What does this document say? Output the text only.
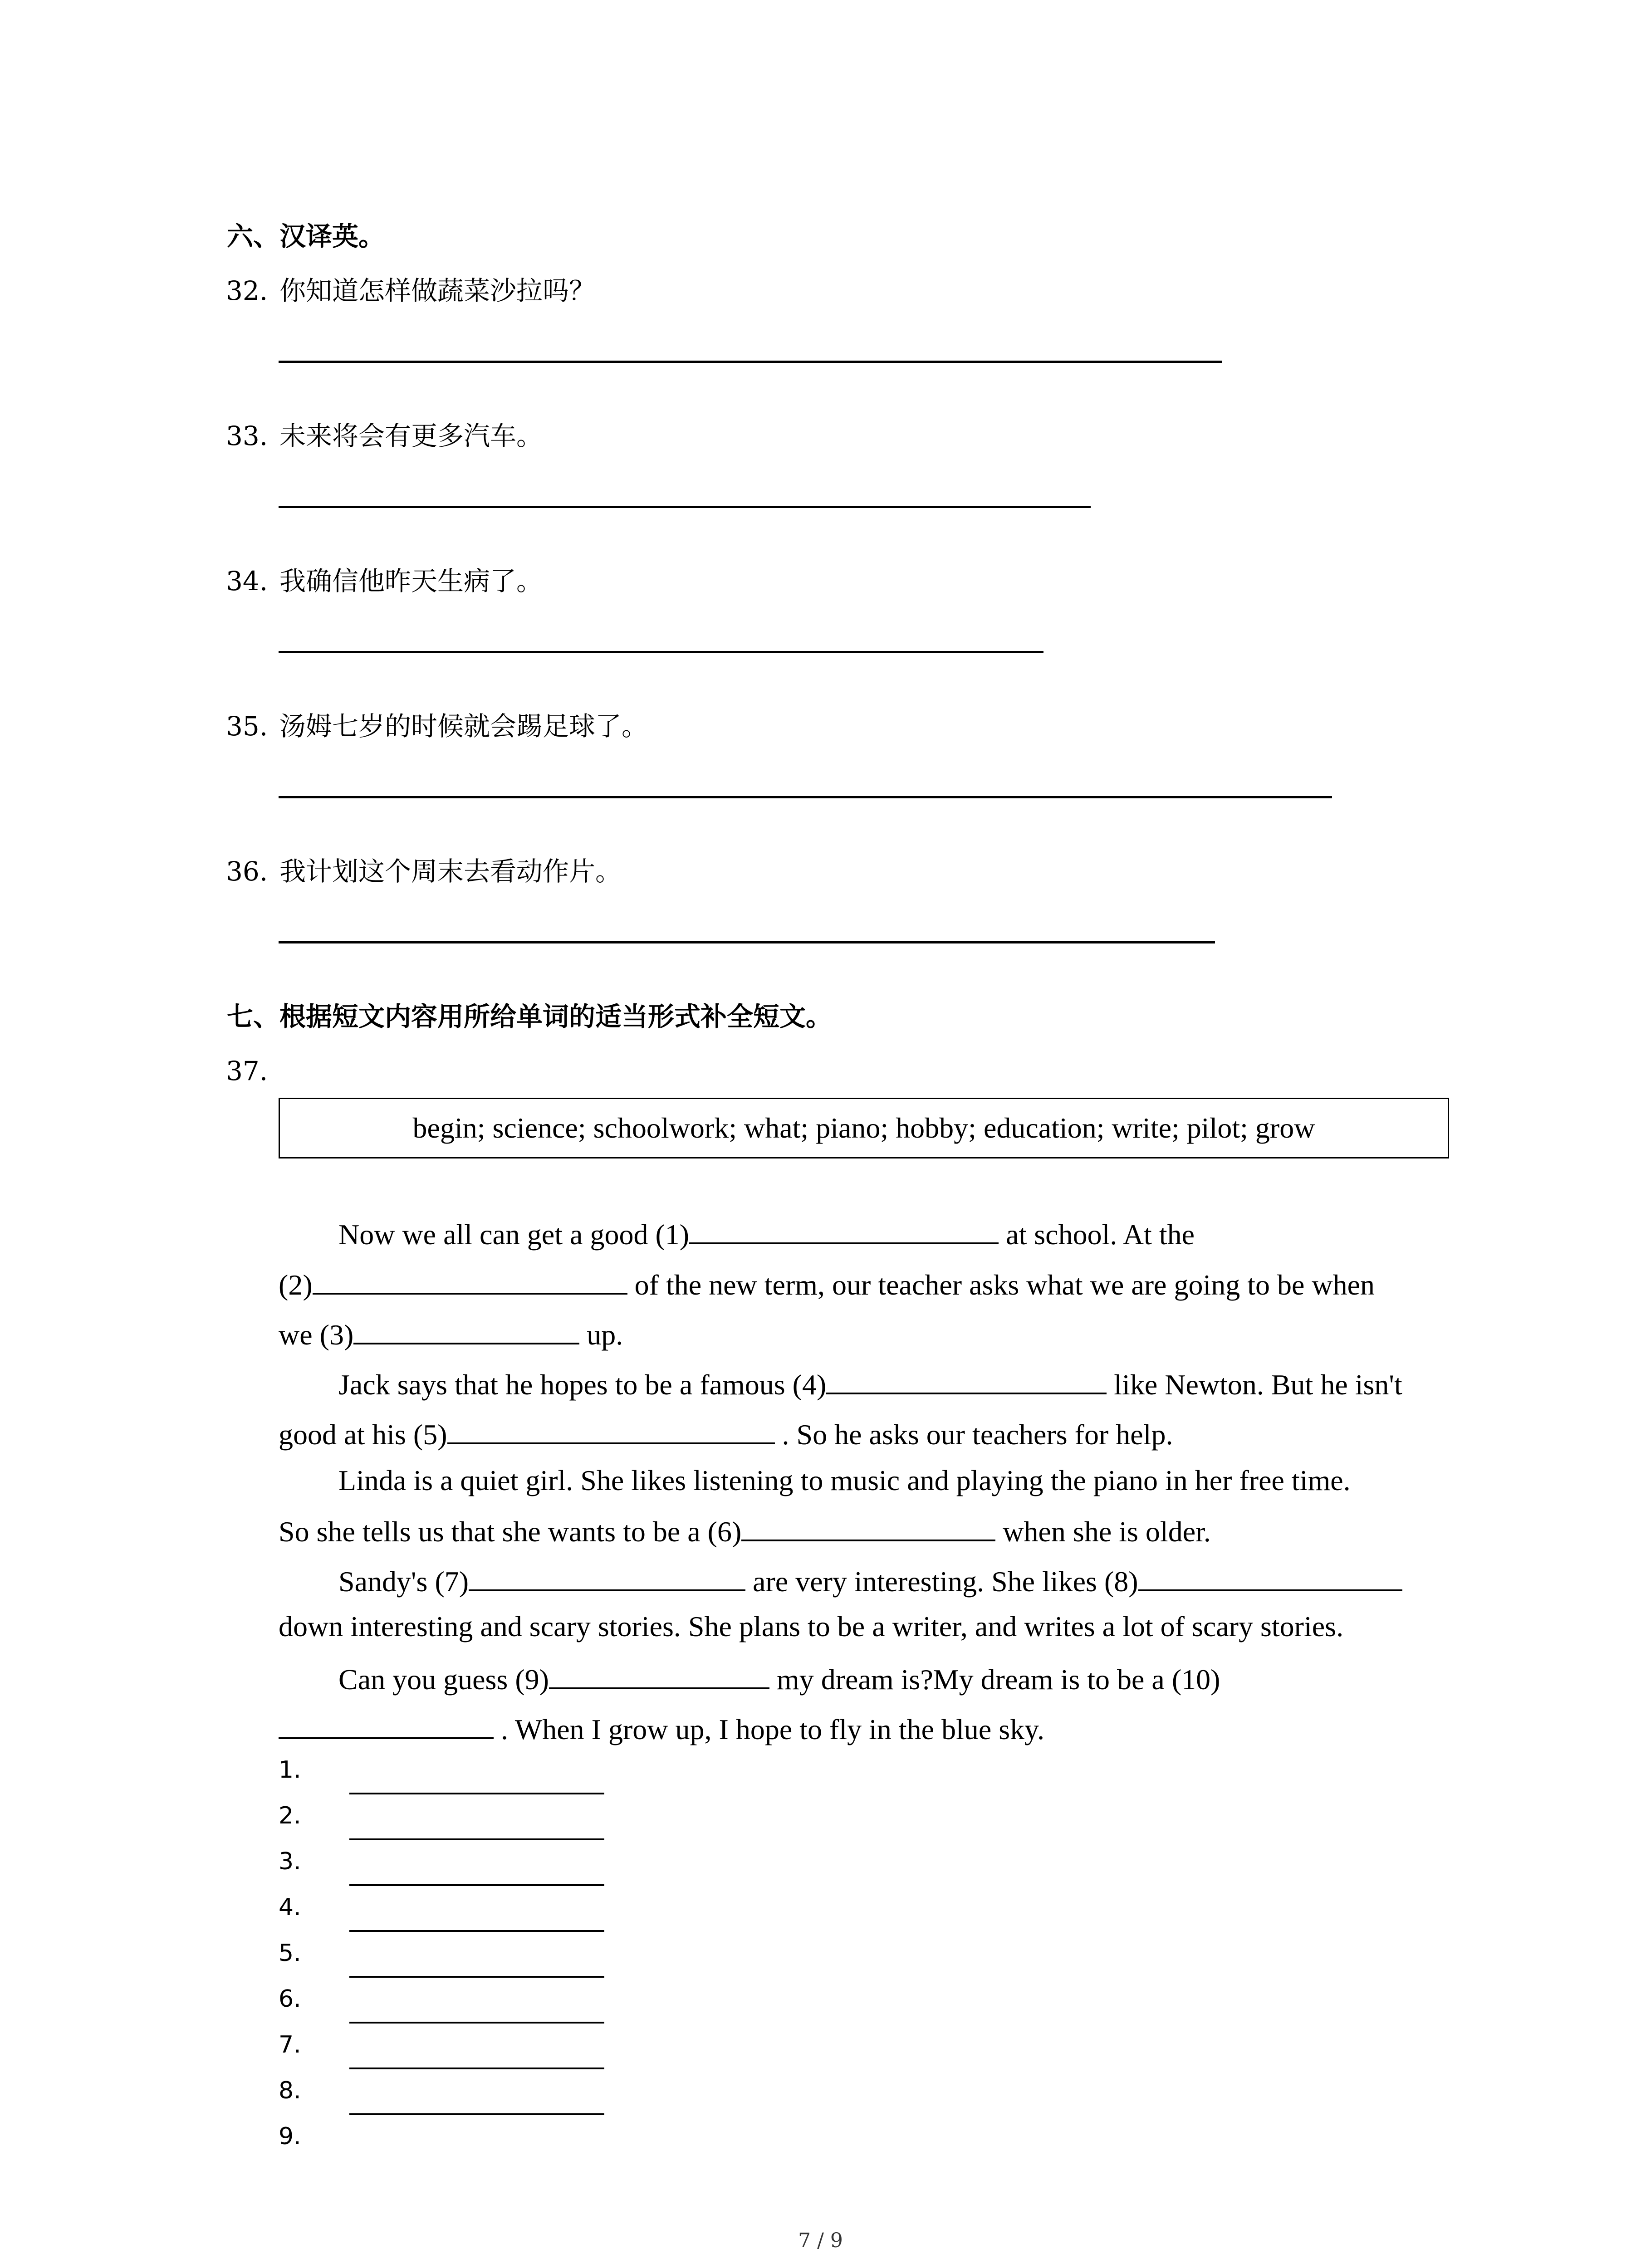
六、汉译英。
32. 你知道怎样做蔬菜沙拉吗？
33. 未来将会有更多汽车。
34. 我确信他昨天生病了。
35. 汤姆七岁的时候就会踢足球了。
36. 我计划这个周末去看动作片。
七、根据短文内容用所给单词的适当形式补全短文。
37.
begin; science; schoolwork; what; piano; hobby; education; write; pilot; grow
Now we all can get a good (1)	at school. At the
(2)	of the new term, our teacher asks what we are going to be when
we (3)	up.
Jack says that he hopes to be a famous (4)	like Newton. But he isn't
good at his (5)	. So he asks our teachers for help.
Linda is a quiet girl. She likes listening to music and playing the piano in her free time.
So she tells us that she wants to be a (6)	when she is older.
Sandy's (7)	are very interesting. She likes (8)
down interesting and scary stories. She plans to be a writer, and writes a lot of scary stories.
Can you guess (9)	my dream is?My dream is to be a (10)
. When I grow up, I hope to fly in the blue sky.
1.
2.
3.
4.
5.
6.
7.
8.
9.
7 / 9
